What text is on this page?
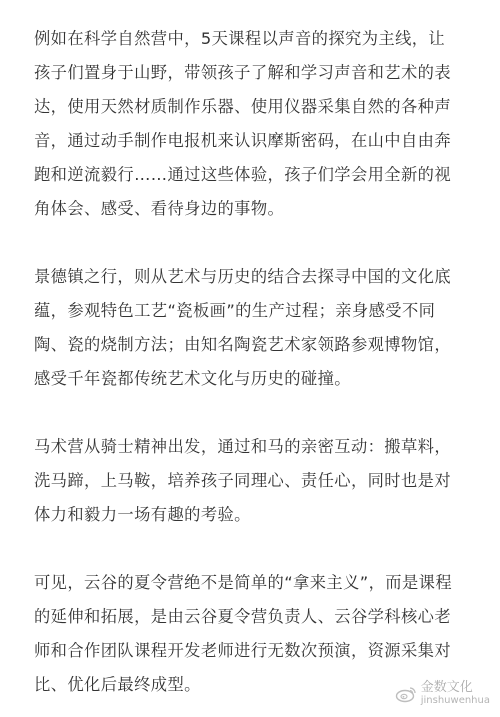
例如在科学自然营中，5天课程以声音的探究为主线，让
孩子们置身于山野，带领孩子了解和学习声音和艺术的表
达，使用天然材质制作乐器、使用仪器采集自然的各种声
音，通过动手制作电报机来认识摩斯密码，在山中自由奔
跑和逆流毅行……通过这些体验，孩子们学会用全新的视
角体会、感受、看待身边的事物。

景德镇之行，则从艺术与历史的结合去探寻中国的文化底
蕴，参观特色工艺“瓷板画”的生产过程；亲身感受不同
陶、瓷的烧制方法；由知名陶瓷艺术家领路参观博物馆，
感受千年瓷都传统艺术文化与历史的碰撞。

马术营从骑士精神出发，通过和马的亲密互动：搬草料，
洗马蹄，上马鞍，培养孩子同理心、责任心，同时也是对
体力和毅力一场有趣的考验。

可见，云谷的夏令营绝不是简单的“拿来主义”，而是课程
的延伸和拓展，是由云谷夏令营负责人、云谷学科核心老
师和合作团队课程开发老师进行无数次预演，资源采集对
比、优化后最终成型。	金数文化
jinshuwenhua
